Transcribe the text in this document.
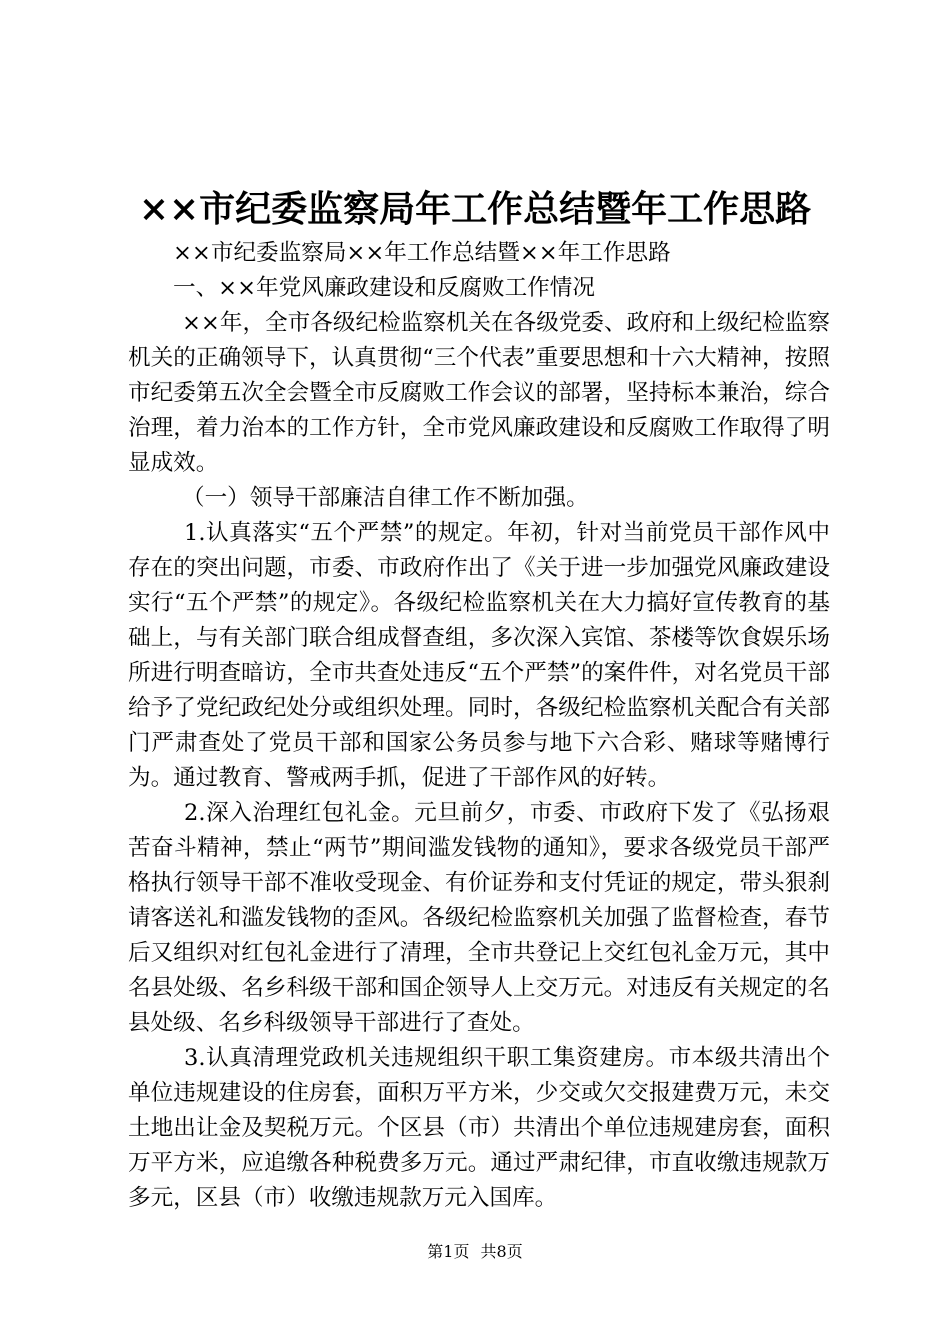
××市纪委监察局年工作总结暨年工作思路

××市纪委监察局××年工作总结暨××年工作思路

一、××年党风廉政建设和反腐败工作情况

××年，全市各级纪检监察机关在各级党委、政府和上级纪检监察机关的正确领导下，认真贯彻“三个代表”重要思想和十六大精神，按照市纪委第五次全会暨全市反腐败工作会议的部署，坚持标本兼治，综合治理，着力治本的工作方针，全市党风廉政建设和反腐败工作取得了明显成效。

（一）领导干部廉洁自律工作不断加强。

1.认真落实“五个严禁”的规定。年初，针对当前党员干部作风中存在的突出问题，市委、市政府作出了《关于进一步加强党风廉政建设实行“五个严禁”的规定》。各级纪检监察机关在大力搞好宣传教育的基础上，与有关部门联合组成督查组，多次深入宾馆、茶楼等饮食娱乐场所进行明查暗访，全市共查处违反“五个严禁”的案件件，对名党员干部给予了党纪政纪处分或组织处理。同时，各级纪检监察机关配合有关部门严肃查处了党员干部和国家公务员参与地下六合彩、赌球等赌博行为。通过教育、警戒两手抓，促进了干部作风的好转。

2.深入治理红包礼金。元旦前夕，市委、市政府下发了《弘扬艰苦奋斗精神，禁止“两节”期间滥发钱物的通知》，要求各级党员干部严格执行领导干部不准收受现金、有价证券和支付凭证的规定，带头狠刹请客送礼和滥发钱物的歪风。各级纪检监察机关加强了监督检查，春节后又组织对红包礼金进行了清理，全市共登记上交红包礼金万元，其中名县处级、名乡科级干部和国企领导人上交万元。对违反有关规定的名县处级、名乡科级领导干部进行了查处。

3.认真清理党政机关违规组织干职工集资建房。市本级共清出个单位违规建设的住房套，面积万平方米，少交或欠交报建费万元，未交土地出让金及契税万元。个区县（市）共清出个单位违规建房套，面积万平方米，应追缴各种税费多万元。通过严肃纪律，市直收缴违规款万多元，区县（市）收缴违规款万元入国库。

第1页 共8页
